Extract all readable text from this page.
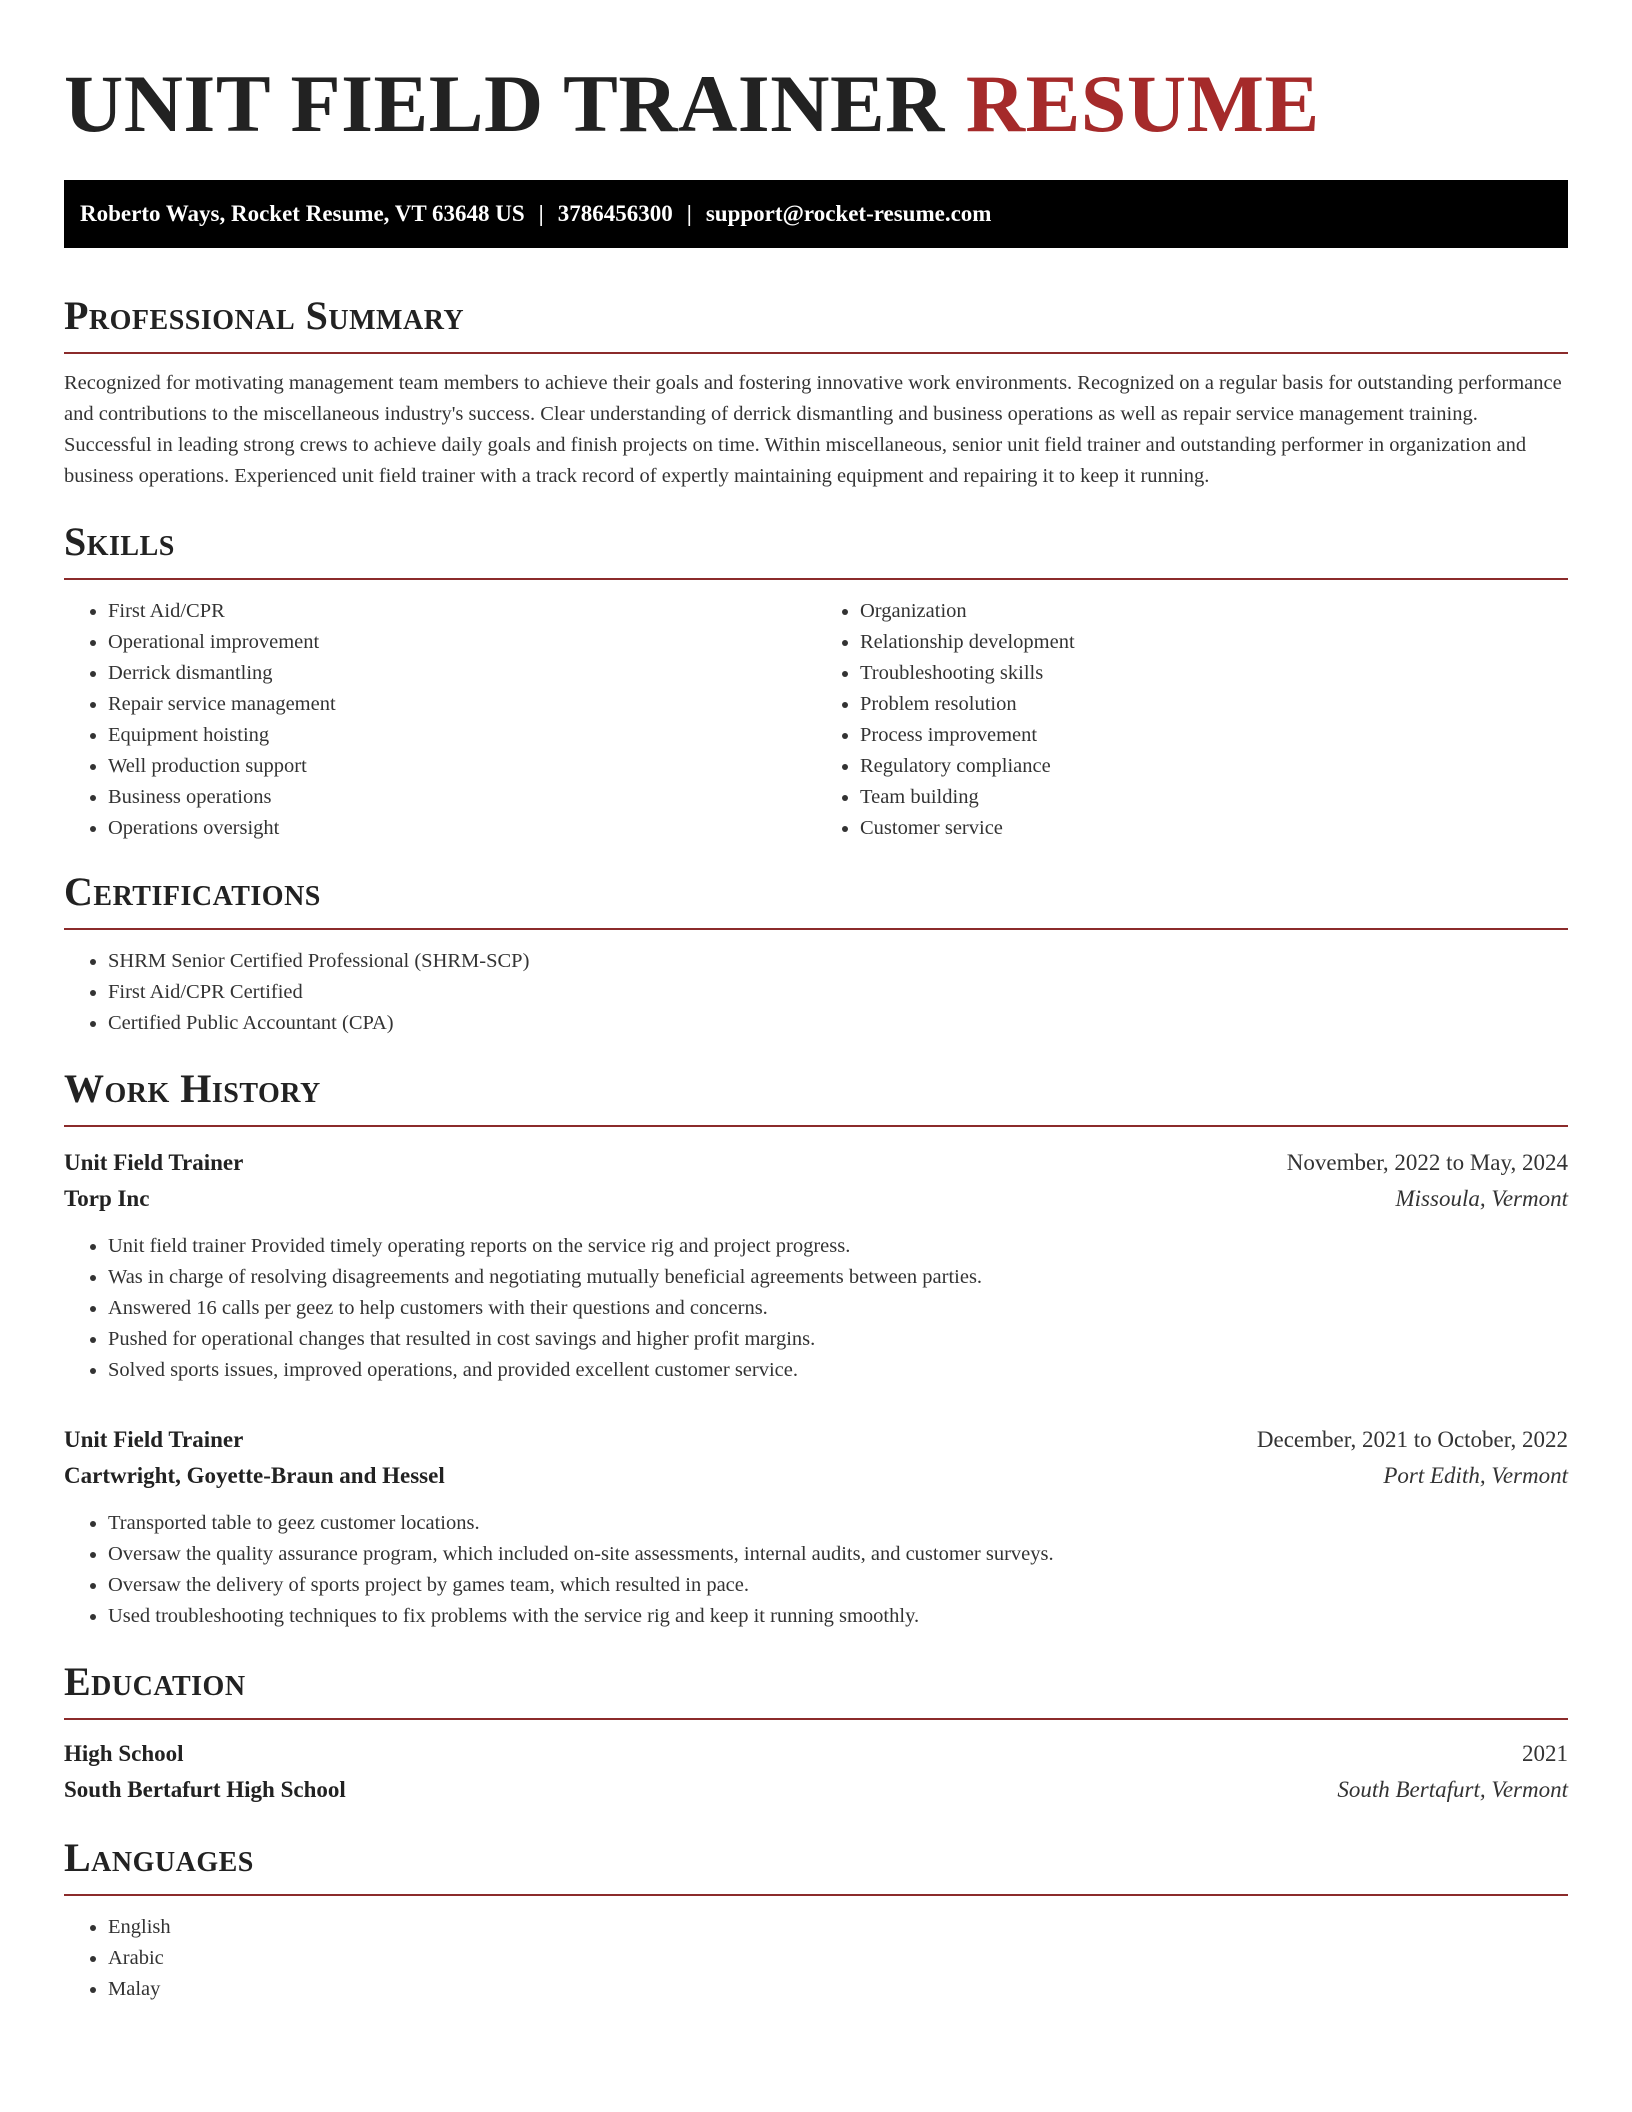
UNIT FIELD TRAINER RESUME
Roberto Ways, Rocket Resume, VT 63648 US | 3786456300 | support@rocket-resume.com
Professional Summary

Recognized for motivating management team members to achieve their goals and fostering innovative work environments. Recognized on a regular basis for outstanding performance and contributions to the miscellaneous industry's success. Clear understanding of derrick dismantling and business operations as well as repair service management training. Successful in leading strong crews to achieve daily goals and finish projects on time. Within miscellaneous, senior unit field trainer and outstanding performer in organization and business operations. Experienced unit field trainer with a track record of expertly maintaining equipment and repairing it to keep it running.

Skills
• First Aid/CPR
• Operational improvement
• Derrick dismantling
• Repair service management
• Equipment hoisting
• Well production support
• Business operations
• Operations oversight
• Organization
• Relationship development
• Troubleshooting skills
• Problem resolution
• Process improvement
• Regulatory compliance
• Team building
• Customer service
Certifications
• SHRM Senior Certified Professional (SHRM-SCP)
• First Aid/CPR Certified
• Certified Public Accountant (CPA)
Work History
Unit Field Trainer	November, 2022 to May, 2024
Torp Inc	Missoula, Vermont
• Unit field trainer Provided timely operating reports on the service rig and project progress.
• Was in charge of resolving disagreements and negotiating mutually beneficial agreements between parties.
• Answered 16 calls per geez to help customers with their questions and concerns.
• Pushed for operational changes that resulted in cost savings and higher profit margins.
• Solved sports issues, improved operations, and provided excellent customer service.
Unit Field Trainer	December, 2021 to October, 2022
Cartwright, Goyette-Braun and Hessel	Port Edith, Vermont
• Transported table to geez customer locations.
• Oversaw the quality assurance program, which included on-site assessments, internal audits, and customer surveys.
• Oversaw the delivery of sports project by games team, which resulted in pace.
• Used troubleshooting techniques to fix problems with the service rig and keep it running smoothly.
Education
High School	2021
South Bertafurt High School	South Bertafurt, Vermont
Languages
• English
• Arabic
• Malay
